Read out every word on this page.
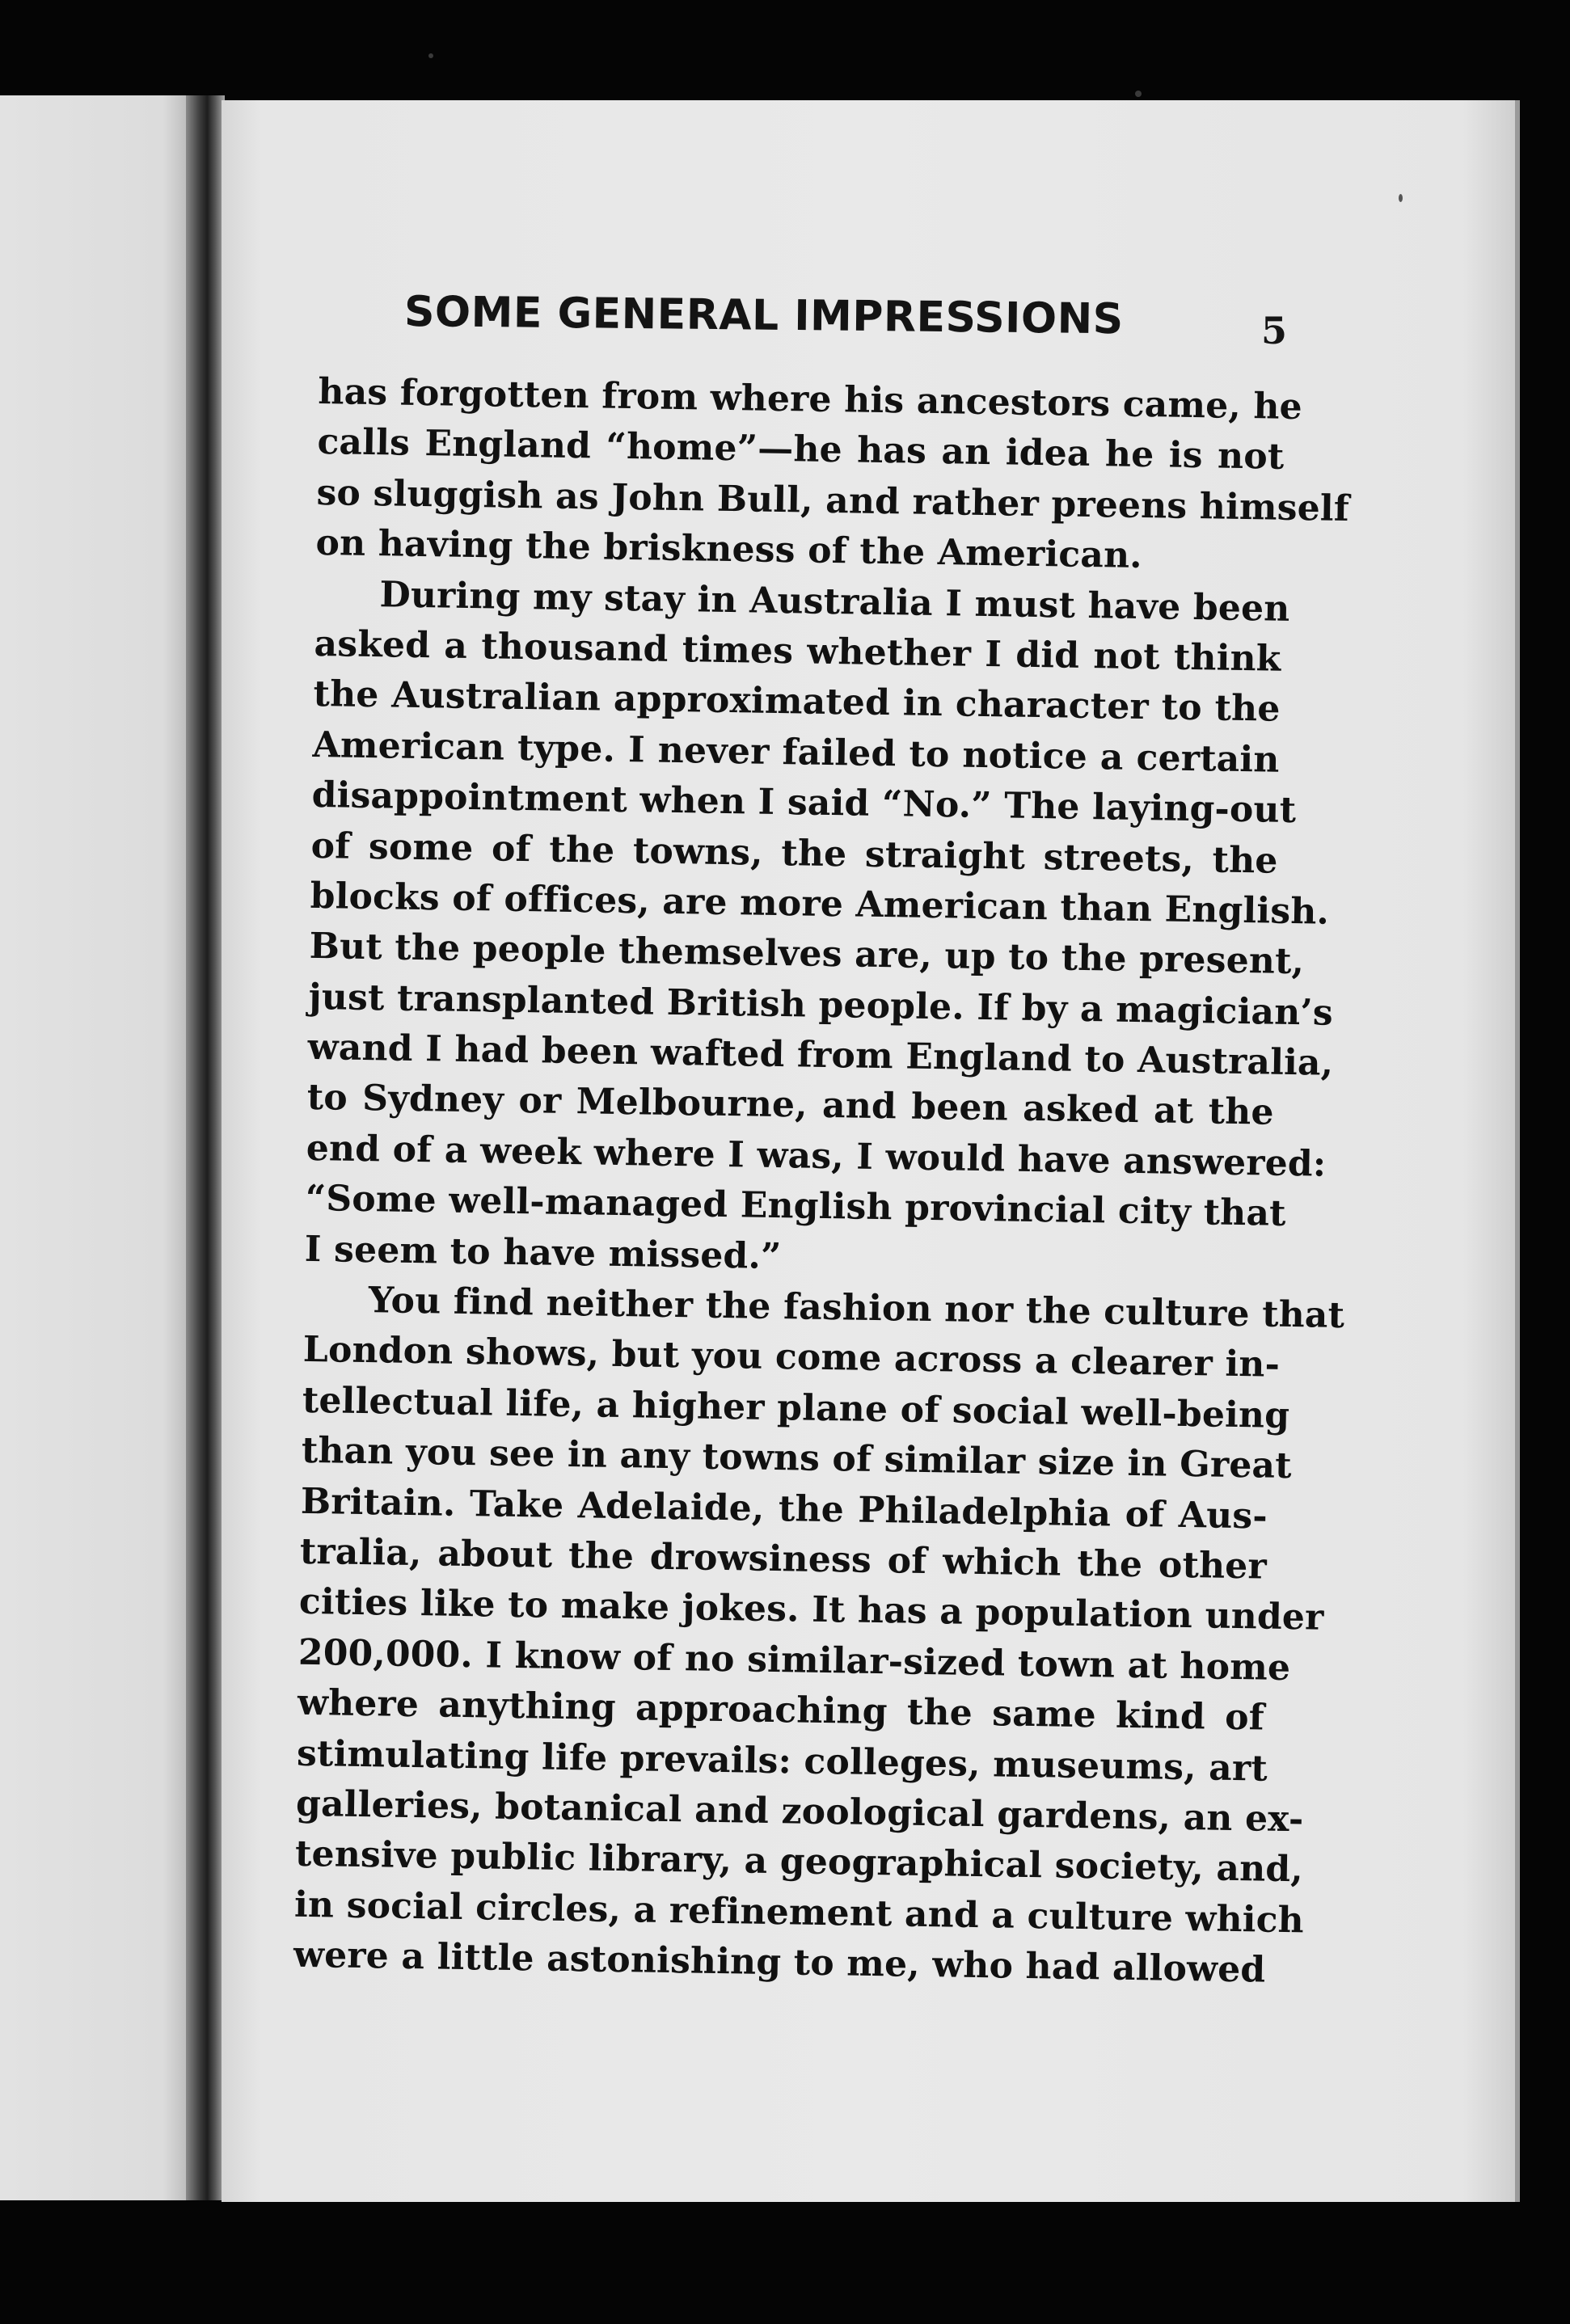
SOME GENERAL IMPRESSIONS	5
has forgotten from where his ancestors came, he
calls England “home”—he has an idea he is not
so sluggish as John Bull, and rather preens himself
on having the briskness of the American.
During my stay in Australia I must have been
asked a thousand times whether I did not think
the Australian approximated in character to the
American type. I never failed to notice a certain
disappointment when I said “No.” The laying-out
of some of the towns, the straight streets, the
blocks of offices, are more American than English.
But the people themselves are, up to the present,
just transplanted British people. If by a magician’s
wand I had been wafted from England to Australia,
to Sydney or Melbourne, and been asked at the
end of a week where I was, I would have answered:
“Some well-managed English provincial city that
I seem to have missed.”
You find neither the fashion nor the culture that
London shows, but you come across a clearer in-
tellectual life, a higher plane of social well-being
than you see in any towns of similar size in Great
Britain. Take Adelaide, the Philadelphia of Aus-
tralia, about the drowsiness of which the other
cities like to make jokes. It has a population under
200,000. I know of no similar-sized town at home
where anything approaching the same kind of
stimulating life prevails: colleges, museums, art
galleries, botanical and zoological gardens, an ex-
tensive public library, a geographical society, and,
in social circles, a refinement and a culture which
were a little astonishing to me, who had allowed
